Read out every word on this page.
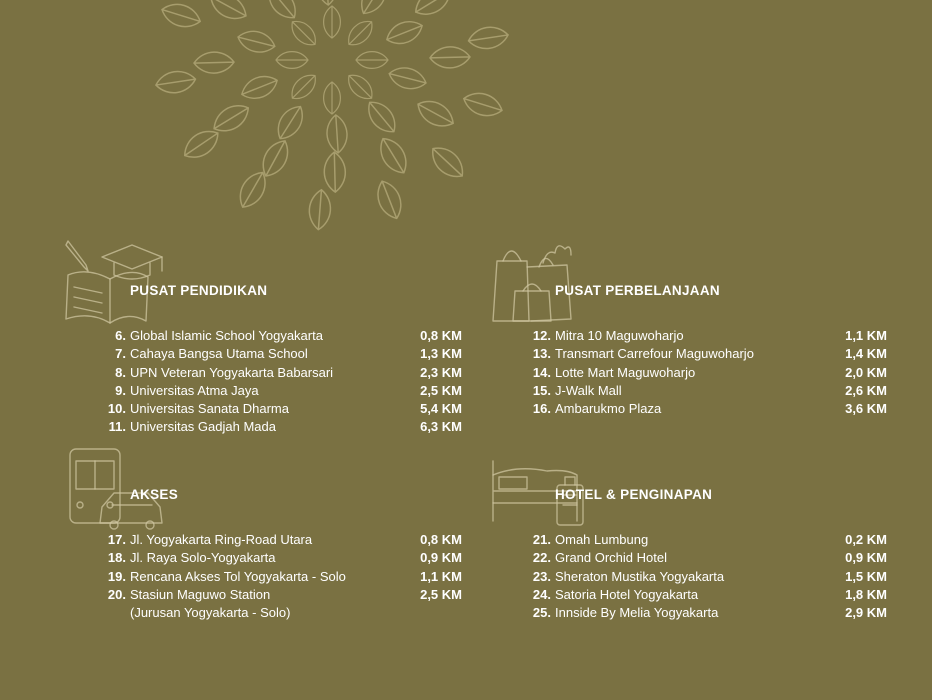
PUSAT PENDIDIKAN
6. Global Islamic School Yogyakarta	0,8 KM
7. Cahaya Bangsa Utama School	1,3 KM
8. UPN Veteran Yogyakarta Babarsari	2,3 KM
9. Universitas Atma Jaya	2,5 KM
10. Universitas Sanata Dharma	5,4 KM
11. Universitas Gadjah Mada	6,3 KM
PUSAT PERBELANJAAN
12. Mitra 10 Maguwoharjo	1,1 KM
13. Transmart Carrefour Maguwoharjo	1,4 KM
14. Lotte Mart Maguwoharjo	2,0 KM
15. J-Walk Mall	2,6 KM
16. Ambarukmo Plaza	3,6 KM
AKSES
17. Jl. Yogyakarta Ring-Road Utara	0,8 KM
18. Jl. Raya Solo-Yogyakarta	0,9 KM
19. Rencana Akses Tol Yogyakarta - Solo	1,1 KM
20. Stasiun Maguwo Station	2,5 KM
(Jurusan Yogyakarta - Solo)
HOTEL & PENGINAPAN
21. Omah Lumbung	0,2 KM
22. Grand Orchid Hotel	0,9 KM
23. Sheraton Mustika Yogyakarta	1,5 KM
24. Satoria Hotel Yogyakarta	1,8 KM
25. Innside By Melia Yogyakarta	2,9 KM
